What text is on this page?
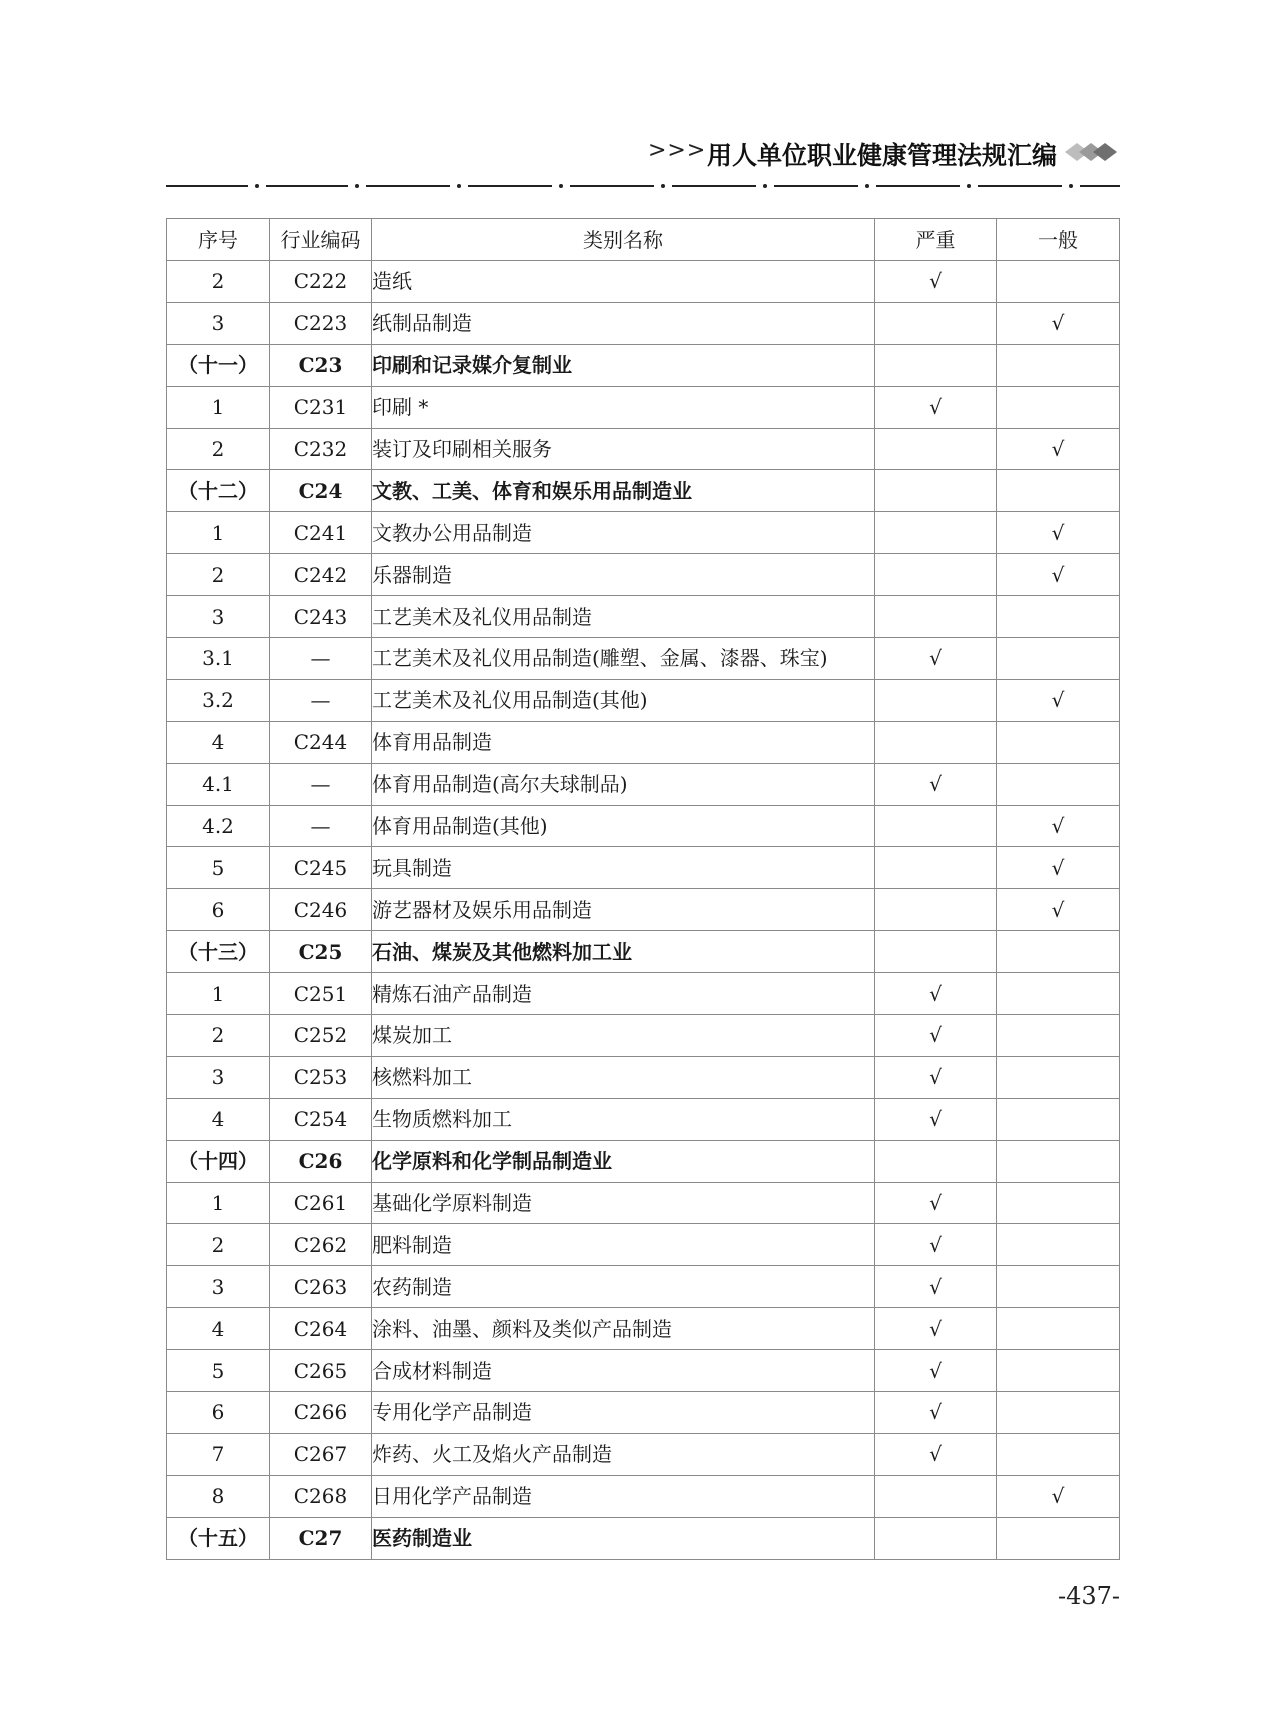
>>> 用人单位职业健康管理法规汇编
序号	行业编码	类别名称	严重	一般
2	C222	造纸	√	
3	C223	纸制品制造		√
（十一）	C23	印刷和记录媒介复制业		
1	C231	印刷 *	√	
2	C232	装订及印刷相关服务		√
（十二）	C24	文教、工美、体育和娱乐用品制造业		
1	C241	文教办公用品制造		√
2	C242	乐器制造		√
3	C243	工艺美术及礼仪用品制造		
3.1	—	工艺美术及礼仪用品制造(雕塑、金属、漆器、珠宝)	√	
3.2	—	工艺美术及礼仪用品制造(其他)		√
4	C244	体育用品制造		
4.1	—	体育用品制造(高尔夫球制品)	√	
4.2	—	体育用品制造(其他)		√
5	C245	玩具制造		√
6	C246	游艺器材及娱乐用品制造		√
（十三）	C25	石油、煤炭及其他燃料加工业		
1	C251	精炼石油产品制造	√	
2	C252	煤炭加工	√	
3	C253	核燃料加工	√	
4	C254	生物质燃料加工	√	
（十四）	C26	化学原料和化学制品制造业		
1	C261	基础化学原料制造	√	
2	C262	肥料制造	√	
3	C263	农药制造	√	
4	C264	涂料、油墨、颜料及类似产品制造	√	
5	C265	合成材料制造	√	
6	C266	专用化学产品制造	√	
7	C267	炸药、火工及焰火产品制造	√	
8	C268	日用化学产品制造		√
（十五）	C27	医药制造业		
-437-
